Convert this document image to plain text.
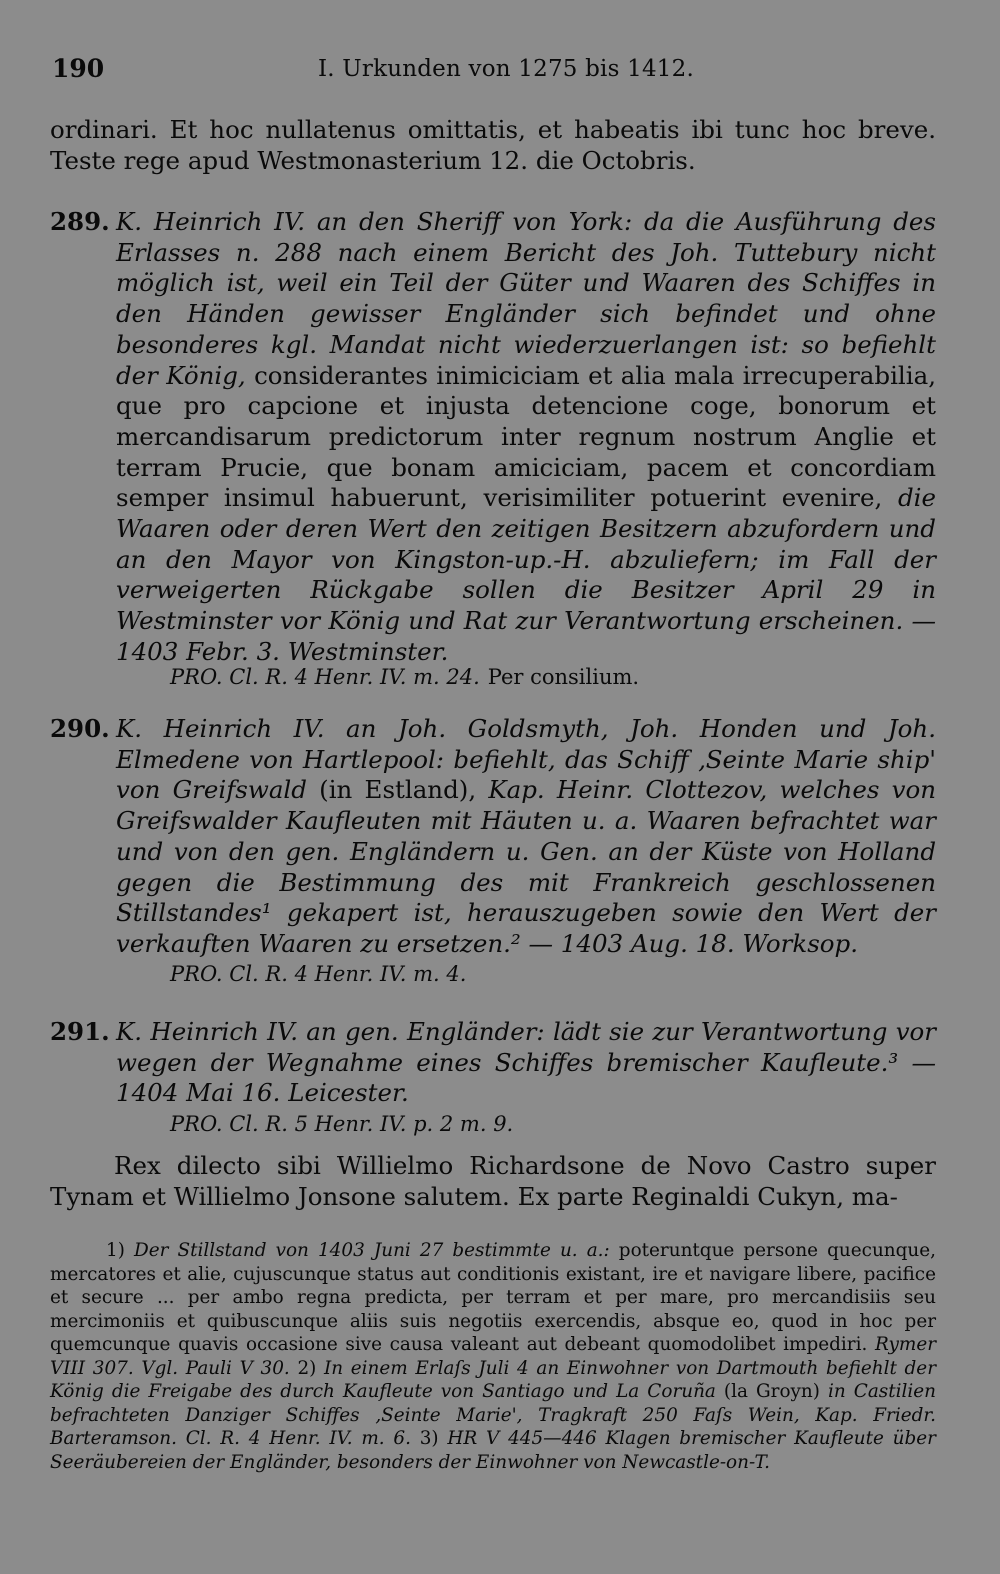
190	I. Urkunden von 1275 bis 1412.
ordinari. Et hoc nullatenus omittatis, et habeatis ibi tunc hoc breve. Teste rege apud Westmonasterium 12. die Octobris.
289. K. Heinrich IV. an den Sheriff von York: da die Ausführung des Erlasses n. 288 nach einem Bericht des Joh. Tuttebury nicht möglich ist, weil ein Teil der Güter und Waaren des Schiffes in den Händen gewisser Engländer sich befindet und ohne besonderes kgl. Mandat nicht wiederzuerlangen ist: so befiehlt der König, considerantes inimiciciam et alia mala irrecuperabilia, que pro capcione et injusta detencione coge, bonorum et mercandisarum predictorum inter regnum nostrum Anglie et terram Prucie, que bonam amiciciam, pacem et concordiam semper insimul habuerunt, verisimiliter potuerint evenire, die Waaren oder deren Wert den zeitigen Besitzern abzufordern und an den Mayor von Kingston-up.-H. abzuliefern; im Fall der verweigerten Rückgabe sollen die Besitzer April 29 in Westminster vor König und Rat zur Verantwortung erscheinen. — 1403 Febr. 3. Westminster.
PRO. Cl. R. 4 Henr. IV. m. 24. Per consilium.
290. K. Heinrich IV. an Joh. Goldsmyth, Joh. Honden und Joh. Elmedene von Hartlepool: befiehlt, das Schiff ‚Seinte Marie ship' von Greifswald (in Estland), Kap. Heinr. Clottezov, welches von Greifswalder Kaufleuten mit Häuten u. a. Waaren befrachtet war und von den gen. Engländern u. Gen. an der Küste von Holland gegen die Bestimmung des mit Frankreich geschlossenen Stillstandes¹ gekapert ist, herauszugeben sowie den Wert der verkauften Waaren zu ersetzen.² — 1403 Aug. 18. Worksop.
PRO. Cl. R. 4 Henr. IV. m. 4.
291. K. Heinrich IV. an gen. Engländer: lädt sie zur Verantwortung vor wegen der Wegnahme eines Schiffes bremischer Kaufleute.³ — 1404 Mai 16. Leicester.
PRO. Cl. R. 5 Henr. IV. p. 2 m. 9.
Rex dilecto sibi Willielmo Richardsone de Novo Castro super Tynam et Willielmo Jonsone salutem. Ex parte Reginaldi Cukyn, ma-
1) Der Stillstand von 1403 Juni 27 bestimmte u. a.: poteruntque persone quecunque, mercatores et alie, cujuscunque status aut conditionis existant, ire et navigare libere, pacifice et secure ... per ambo regna predicta, per terram et per mare, pro mercandisiis seu mercimoniis et quibuscunque aliis suis negotiis exercendis, absque eo, quod in hoc per quemcunque quavis occasione sive causa valeant aut debeant quomodolibet impediri. Rymer VIII 307. Vgl. Pauli V 30. 2) In einem Erlaſs Juli 4 an Einwohner von Dartmouth befiehlt der König die Freigabe des durch Kaufleute von Santiago und La Coruña (la Groyn) in Castilien befrachteten Danziger Schiffes ‚Seinte Marie', Tragkraft 250 Faſs Wein, Kap. Friedr. Barteramson. Cl. R. 4 Henr. IV. m. 6. 3) HR V 445—446 Klagen bremischer Kaufleute über Seeräubereien der Engländer, besonders der Einwohner von Newcastle-on-T.
